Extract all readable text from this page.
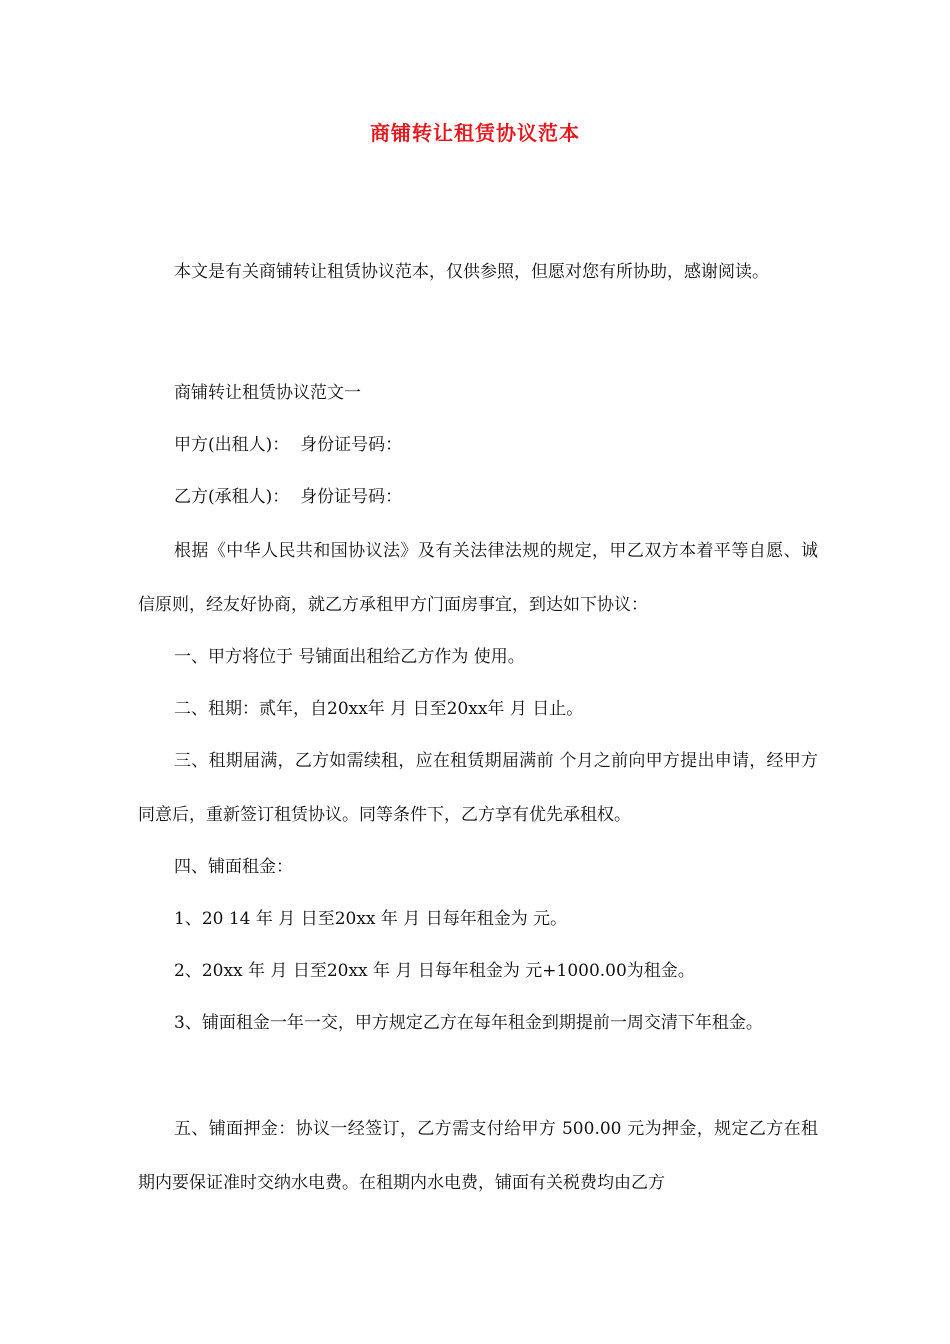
商铺转让租赁协议范本
本文是有关商铺转让租赁协议范本，仅供参照，但愿对您有所协助，感谢阅读。
商铺转让租赁协议范文一
甲方(出租人)：  身份证号码：
乙方(承租人)：  身份证号码：
根据《中华人民共和国协议法》及有关法律法规的规定，甲乙双方本着平等自愿、诚信原则，经友好协商，就乙方承租甲方门面房事宜，到达如下协议：
一、甲方将位于 号铺面出租给乙方作为 使用。
二、租期：贰年，自20xx年 月 日至20xx年 月 日止。
三、租期届满，乙方如需续租，应在租赁期届满前 个月之前向甲方提出申请，经甲方同意后，重新签订租赁协议。同等条件下，乙方享有优先承租权。
四、铺面租金：
1、20 14 年 月 日至20xx 年 月 日每年租金为 元。
2、20xx 年 月 日至20xx 年 月 日每年租金为 元+1000.00为租金。
3、铺面租金一年一交，甲方规定乙方在每年租金到期提前一周交清下年租金。
五、铺面押金：协议一经签订，乙方需支付给甲方 500.00 元为押金，规定乙方在租期内要保证准时交纳水电费。在租期内水电费，铺面有关税费均由乙方
